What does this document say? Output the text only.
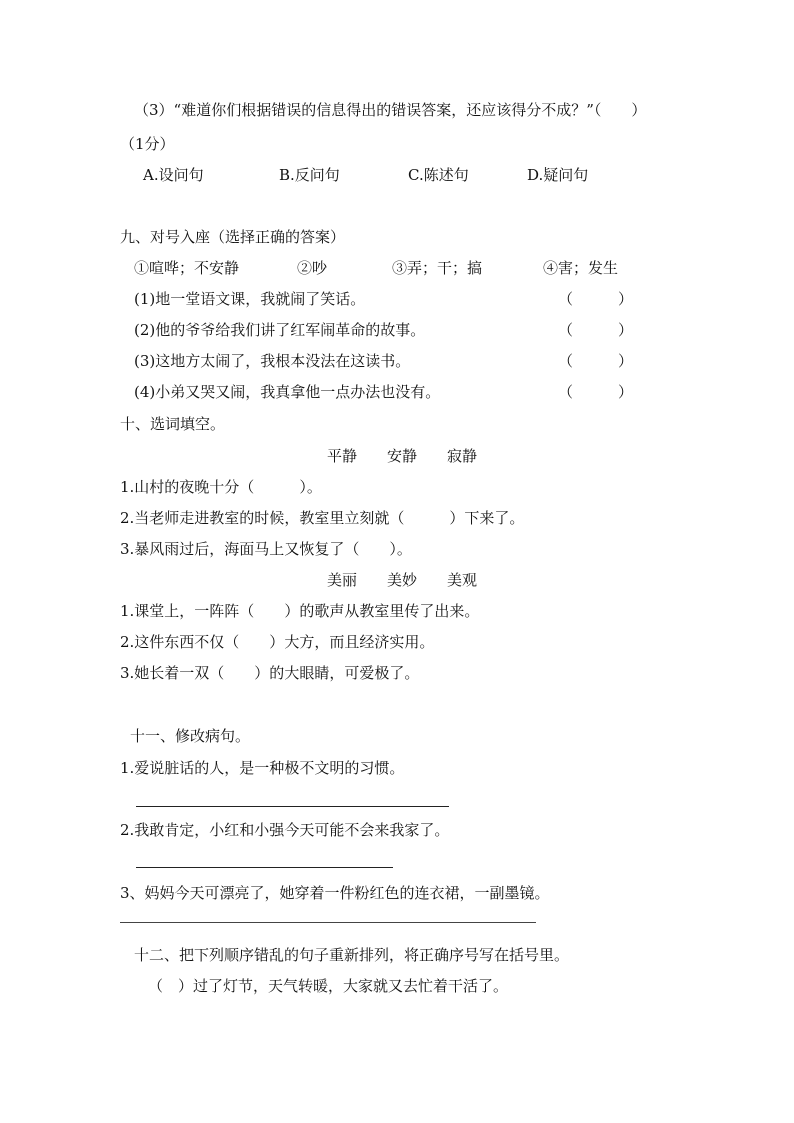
（3）“难道你们根据错误的信息得出的错误答案，还应该得分不成？”（　　）
（1分）
A.设问句	B.反问句	C.陈述句	D.疑问句
九、对号入座（选择正确的答案）
①喧哗；不安静	②吵	③弄；干；搞	④害；发生
(1)地一堂语文课，我就闹了笑话。	（　　　）
(2)他的爷爷给我们讲了红军闹革命的故事。	（　　　）
(3)这地方太闹了，我根本没法在这读书。	（　　　）
(4)小弟又哭又闹，我真拿他一点办法也没有。	（　　　）
十、选词填空。
平静　　安静　　寂静
1.山村的夜晚十分（　　　）。
2.当老师走进教室的时候，教室里立刻就（　　　）下来了。
3.暴风雨过后，海面马上又恢复了（　　）。
美丽　　美妙　　美观
1.课堂上，一阵阵（　　）的歌声从教室里传了出来。
2.这件东西不仅（　　）大方，而且经济实用。
3.她长着一双（　　）的大眼睛，可爱极了。
十一、修改病句。
1.爱说脏话的人，是一种极不文明的习惯。
2.我敢肯定，小红和小强今天可能不会来我家了。
3、妈妈今天可漂亮了，她穿着一件粉红色的连衣裙，一副墨镜。
十二、把下列顺序错乱的句子重新排列，将正确序号写在括号里。
（　）过了灯节，天气转暖，大家就又去忙着干活了。
